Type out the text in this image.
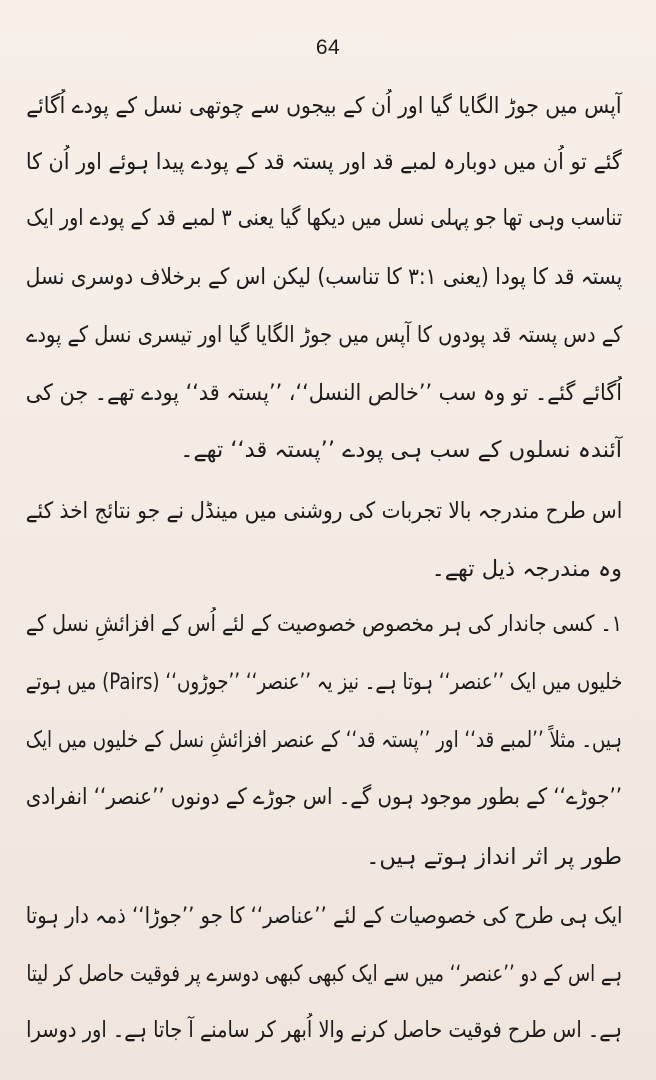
64
آپس میں جوڑ الگایا گیا اور اُن کے بیجوں سے چوتھی نسل کے پودے اُگائے
گئے تو اُن میں دوبارہ لمبے قد اور پستہ قد کے پودے پیدا ہوئے اور اُن کا
تناسب وہی تھا جو پہلی نسل میں دیکھا گیا یعنی ۳ لمبے قد کے پودے اور ایک
پستہ قد کا پودا (یعنی ۳:۱ کا تناسب) لیکن اس کے برخلاف دوسری نسل
کے دس پستہ قد پودوں کا آپس میں جوڑ الگایا گیا اور تیسری نسل کے پودے
اُگائے گئے۔ تو وہ سب ’’خالص النسل‘‘، ’’پستہ قد‘‘ پودے تھے۔ جن کی
آئندہ نسلوں کے سب ہی پودے ’’پستہ قد‘‘ تھے۔
اس طرح مندرجہ بالا تجربات کی روشنی میں مینڈل نے جو نتائج اخذ کئے
وہ مندرجہ ذیل تھے۔
۱۔ کسی جاندار کی ہر مخصوص خصوصیت کے لئے اُس کے افزائشِ نسل کے
خلیوں میں ایک ’’عنصر‘‘ ہوتا ہے۔ نیز یہ ’’عنصر‘‘ ’’جوڑوں‘‘ (Pairs) میں ہوتے
ہیں۔ مثلاً ’’لمبے قد‘‘ اور ’’پستہ قد‘‘ کے عنصر افزائشِ نسل کے خلیوں میں ایک
’’جوڑے‘‘ کے بطور موجود ہوں گے۔ اس جوڑے کے دونوں ’’عنصر‘‘ انفرادی
طور پر اثر انداز ہوتے ہیں۔
ایک ہی طرح کی خصوصیات کے لئے ’’عناصر‘‘ کا جو ’’جوڑا‘‘ ذمہ دار ہوتا
ہے اس کے دو ’’عنصر‘‘ میں سے ایک کبھی کبھی دوسرے پر فوقیت حاصل کر لیتا
ہے۔ اس طرح فوقیت حاصل کرنے والا اُبھر کر سامنے آ جاتا ہے۔ اور دوسرا
